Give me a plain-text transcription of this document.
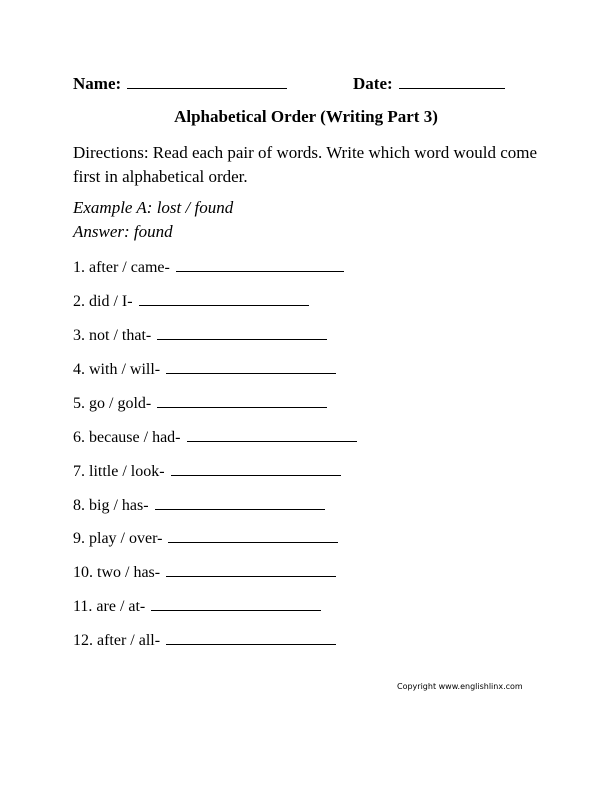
Name:	Date:
Alphabetical Order (Writing Part 3)
Directions: Read each pair of words. Write which word would come first in alphabetical order.
Example A: lost / found
Answer: found
1. after / came-
2. did / I-
3. not / that-
4. with / will-
5. go / gold-
6. because / had-
7. little / look-
8. big / has-
9. play / over-
10. two / has-
11. are / at-
12. after / all-
Copyright www.englishlinx.com
